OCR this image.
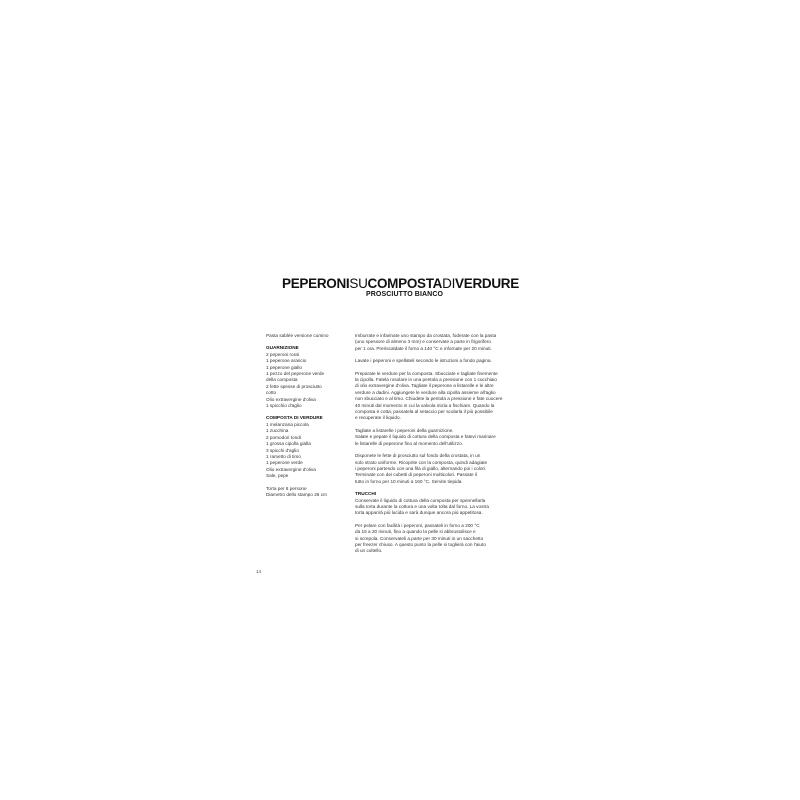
PEPERONISUCOMPOSTADIVERDURE
PROSCIUTTO BIANCO
Pasta sablée versione cumino
GUARNIZIONE
2 peperoni rossi
1 peperone arancio
1 peperone giallo
1 pezzo del peperone verde
della composta
2 fette spesse di prosciutto
cotto
Olio extravergine d'oliva
1 spicchio d'aglio
COMPOSTA DI VERDURE
1 melanzana piccola
1 zucchina
2 pomodori tondi
1 grossa cipolla gialla
3 spicchi d'aglio
1 rametto di timo
1 peperone verde
Olio extravergine d'oliva
Sale, pepe
Torta per 8 persone
Diametro dello stampo 26 cm
Imburrate e infarinate uno stampo da crostata, foderate con la pasta
(uno spessore di almeno 3 mm) e conservate a parte in frigorifero
per 1 ora. Preriscaldate il forno a 140 °C e infornate per 20 minuti.
Lavate i peperoni e spellateli secondo le istruzioni a fondo pagina.
Preparate le verdure per la composta. Sbucciate e tagliate finemente
la cipolla. Fatela rosolare in una pentola a pressione con 1 cucchiaio
di olio extravergine d'oliva. Tagliate il peperone a listarelle e le altre
verdure a dadini. Aggiungete le verdure alla cipolla assieme all'aglio
non sbucciato e al timo. Chiudete la pentola a pressione e fate cuocere
40 minuti dal momento in cui la valvola inizia a fischiare. Quando la
composta è cotta, passatela al setaccio per scolarla il più possibile
e recuperate il liquido.
Tagliate a listarelle i peperoni della guarnizione.
Salate e pepate il liquido di cottura della composta e fatevi marinare
le listarelle di peperone fino al momento dell'utilizzo.
Disponete le fette di prosciutto sul fondo della crostata, in un
solo strato uniforme. Ricoprite con la composta, quindi adagiate
i peperoni partendo con una fila di giallo, alternando poi i colori.
Terminate con dei cubetti di peperoni multicolori. Passate il
tutto in forno per 10 minuti a 160 °C. Servite tiepida.
TRUCCHI
Conservate il liquido di cottura della composta per spennellarla
sulla torta durante la cottura e una volta tolta dal forno. La vostra
torta apparirà più lucida e sarà dunque ancora più appetitosa.
Per pelare con facilità i peperoni, passateli in forno a 200 °C
da 15 a 20 minuti, fino a quando la pelle si abbrustolisce e
si screpola. Conservateli a parte per 30 minuti in un sacchetto
per freezer chiuso. A questo punto la pelle si toglierà con l'aiuto
di un coltello.
14
